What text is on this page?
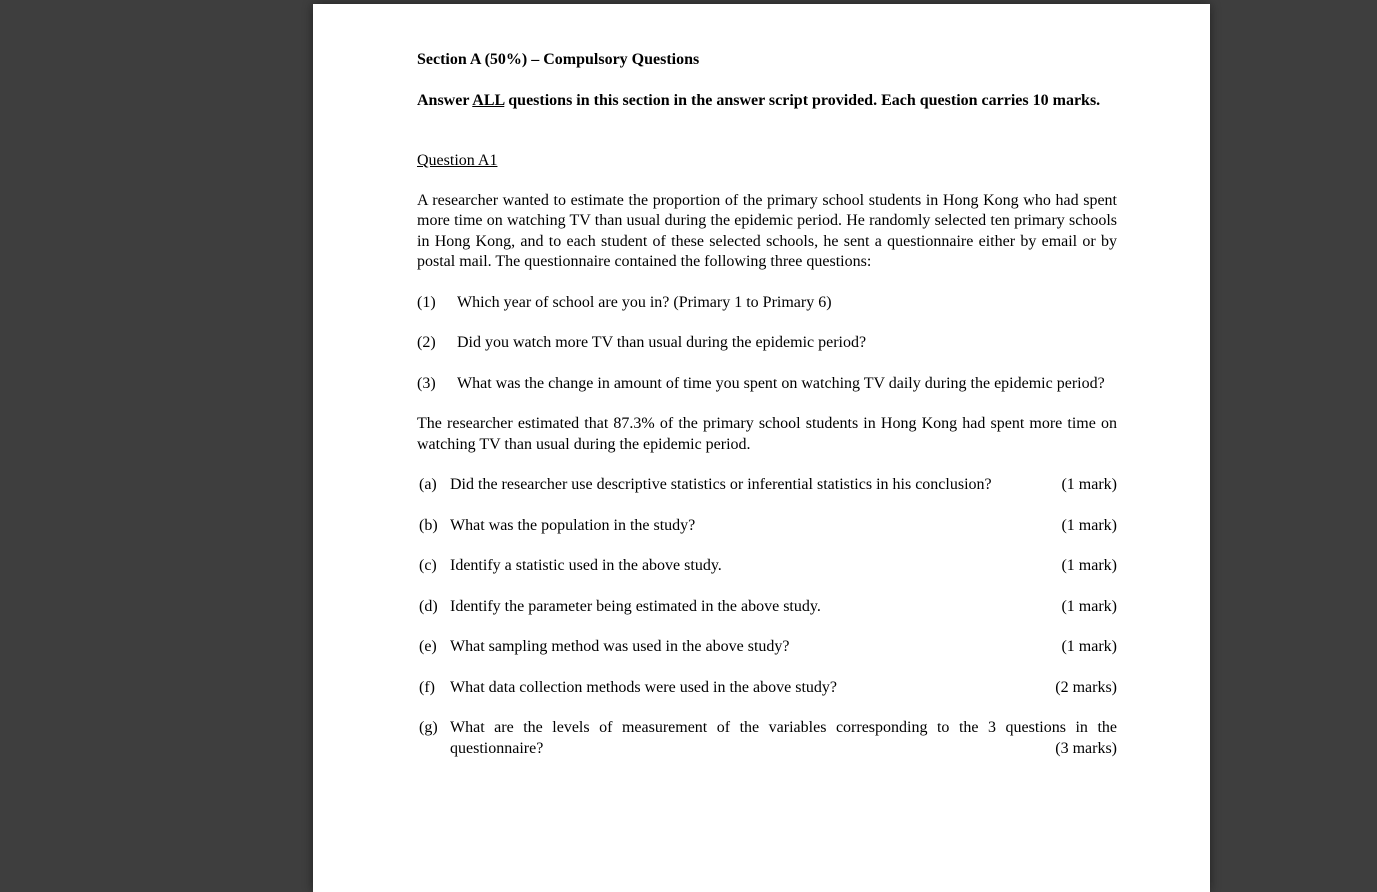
Section A (50%) – Compulsory Questions
Answer ALL questions in this section in the answer script provided. Each question carries 10 marks.
Question A1
A researcher wanted to estimate the proportion of the primary school students in Hong Kong who had spent more time on watching TV than usual during the epidemic period. He randomly selected ten primary schools in Hong Kong, and to each student of these selected schools, he sent a questionnaire either by email or by postal mail. The questionnaire contained the following three questions:
(1) Which year of school are you in? (Primary 1 to Primary 6)
(2) Did you watch more TV than usual during the epidemic period?
(3) What was the change in amount of time you spent on watching TV daily during the epidemic period?
The researcher estimated that 87.3% of the primary school students in Hong Kong had spent more time on watching TV than usual during the epidemic period.
(a) Did the researcher use descriptive statistics or inferential statistics in his conclusion?	(1 mark)
(b) What was the population in the study?	(1 mark)
(c) Identify a statistic used in the above study.	(1 mark)
(d) Identify the parameter being estimated in the above study.	(1 mark)
(e) What sampling method was used in the above study?	(1 mark)
(f) What data collection methods were used in the above study?	(2 marks)
(g) What are the levels of measurement of the variables corresponding to the 3 questions in the questionnaire?	(3 marks)
